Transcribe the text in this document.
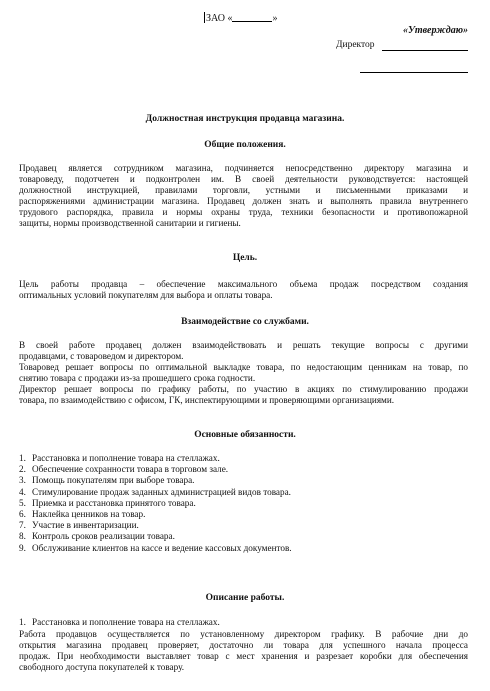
ЗАО «	»
«Утверждаю»
Директор
Должностная инструкция продавца магазина.
Общие положения.
Продавец является сотрудником магазина, подчиняется непосредственно директору магазина и
товароведу, подотчетен и подконтролен им. В своей деятельности руководствуется: настоящей
должностной инструкцией, правилами торговли, устными и письменными приказами и
распоряжениями администрации магазина. Продавец должен знать и выполнять правила внутреннего
трудового распорядка, правила и нормы охраны труда, техники безопасности и противопожарной
защиты, нормы производственной санитарии и гигиены.
Цель.
Цель работы продавца – обеспечение максимального объема продаж посредством создания
оптимальных условий покупателям для выбора и оплаты товара.
Взаимодействие со службами.
В своей работе продавец должен взаимодействовать и решать текущие вопросы с другими
продавцами, с товароведом и директором.
Товаровед решает вопросы по оптимальной выкладке товара, по недостающим ценникам на товар, по
снятию товара с продажи из-за прошедшего срока годности.
Директор решает вопросы по графику работы, по участию в акциях по стимулированию продажи
товара, по взаимодействию с офисом, ГК, инспектирующими и проверяющими организациями.
Основные обязанности.
1. Расстановка и пополнение товара на стеллажах.
2. Обеспечение сохранности товара в торговом зале.
3. Помощь покупателям при выборе товара.
4. Стимулирование продаж заданных администрацией видов товара.
5. Приемка и расстановка принятого товара.
6. Наклейка ценников на товар.
7. Участие в инвентаризации.
8. Контроль сроков реализации товара.
9. Обслуживание клиентов на кассе и ведение кассовых документов.
Описание работы.
1. Расстановка и пополнение товара на стеллажах.
Работа продавцов осуществляется по установленному директором графику. В рабочие дни до
открытия магазина продавец проверяет, достаточно ли товара для успешного начала процесса
продаж. При необходимости выставляет товар с мест хранения и разрезает коробки для обеспечения
свободного доступа покупателей к товару.
